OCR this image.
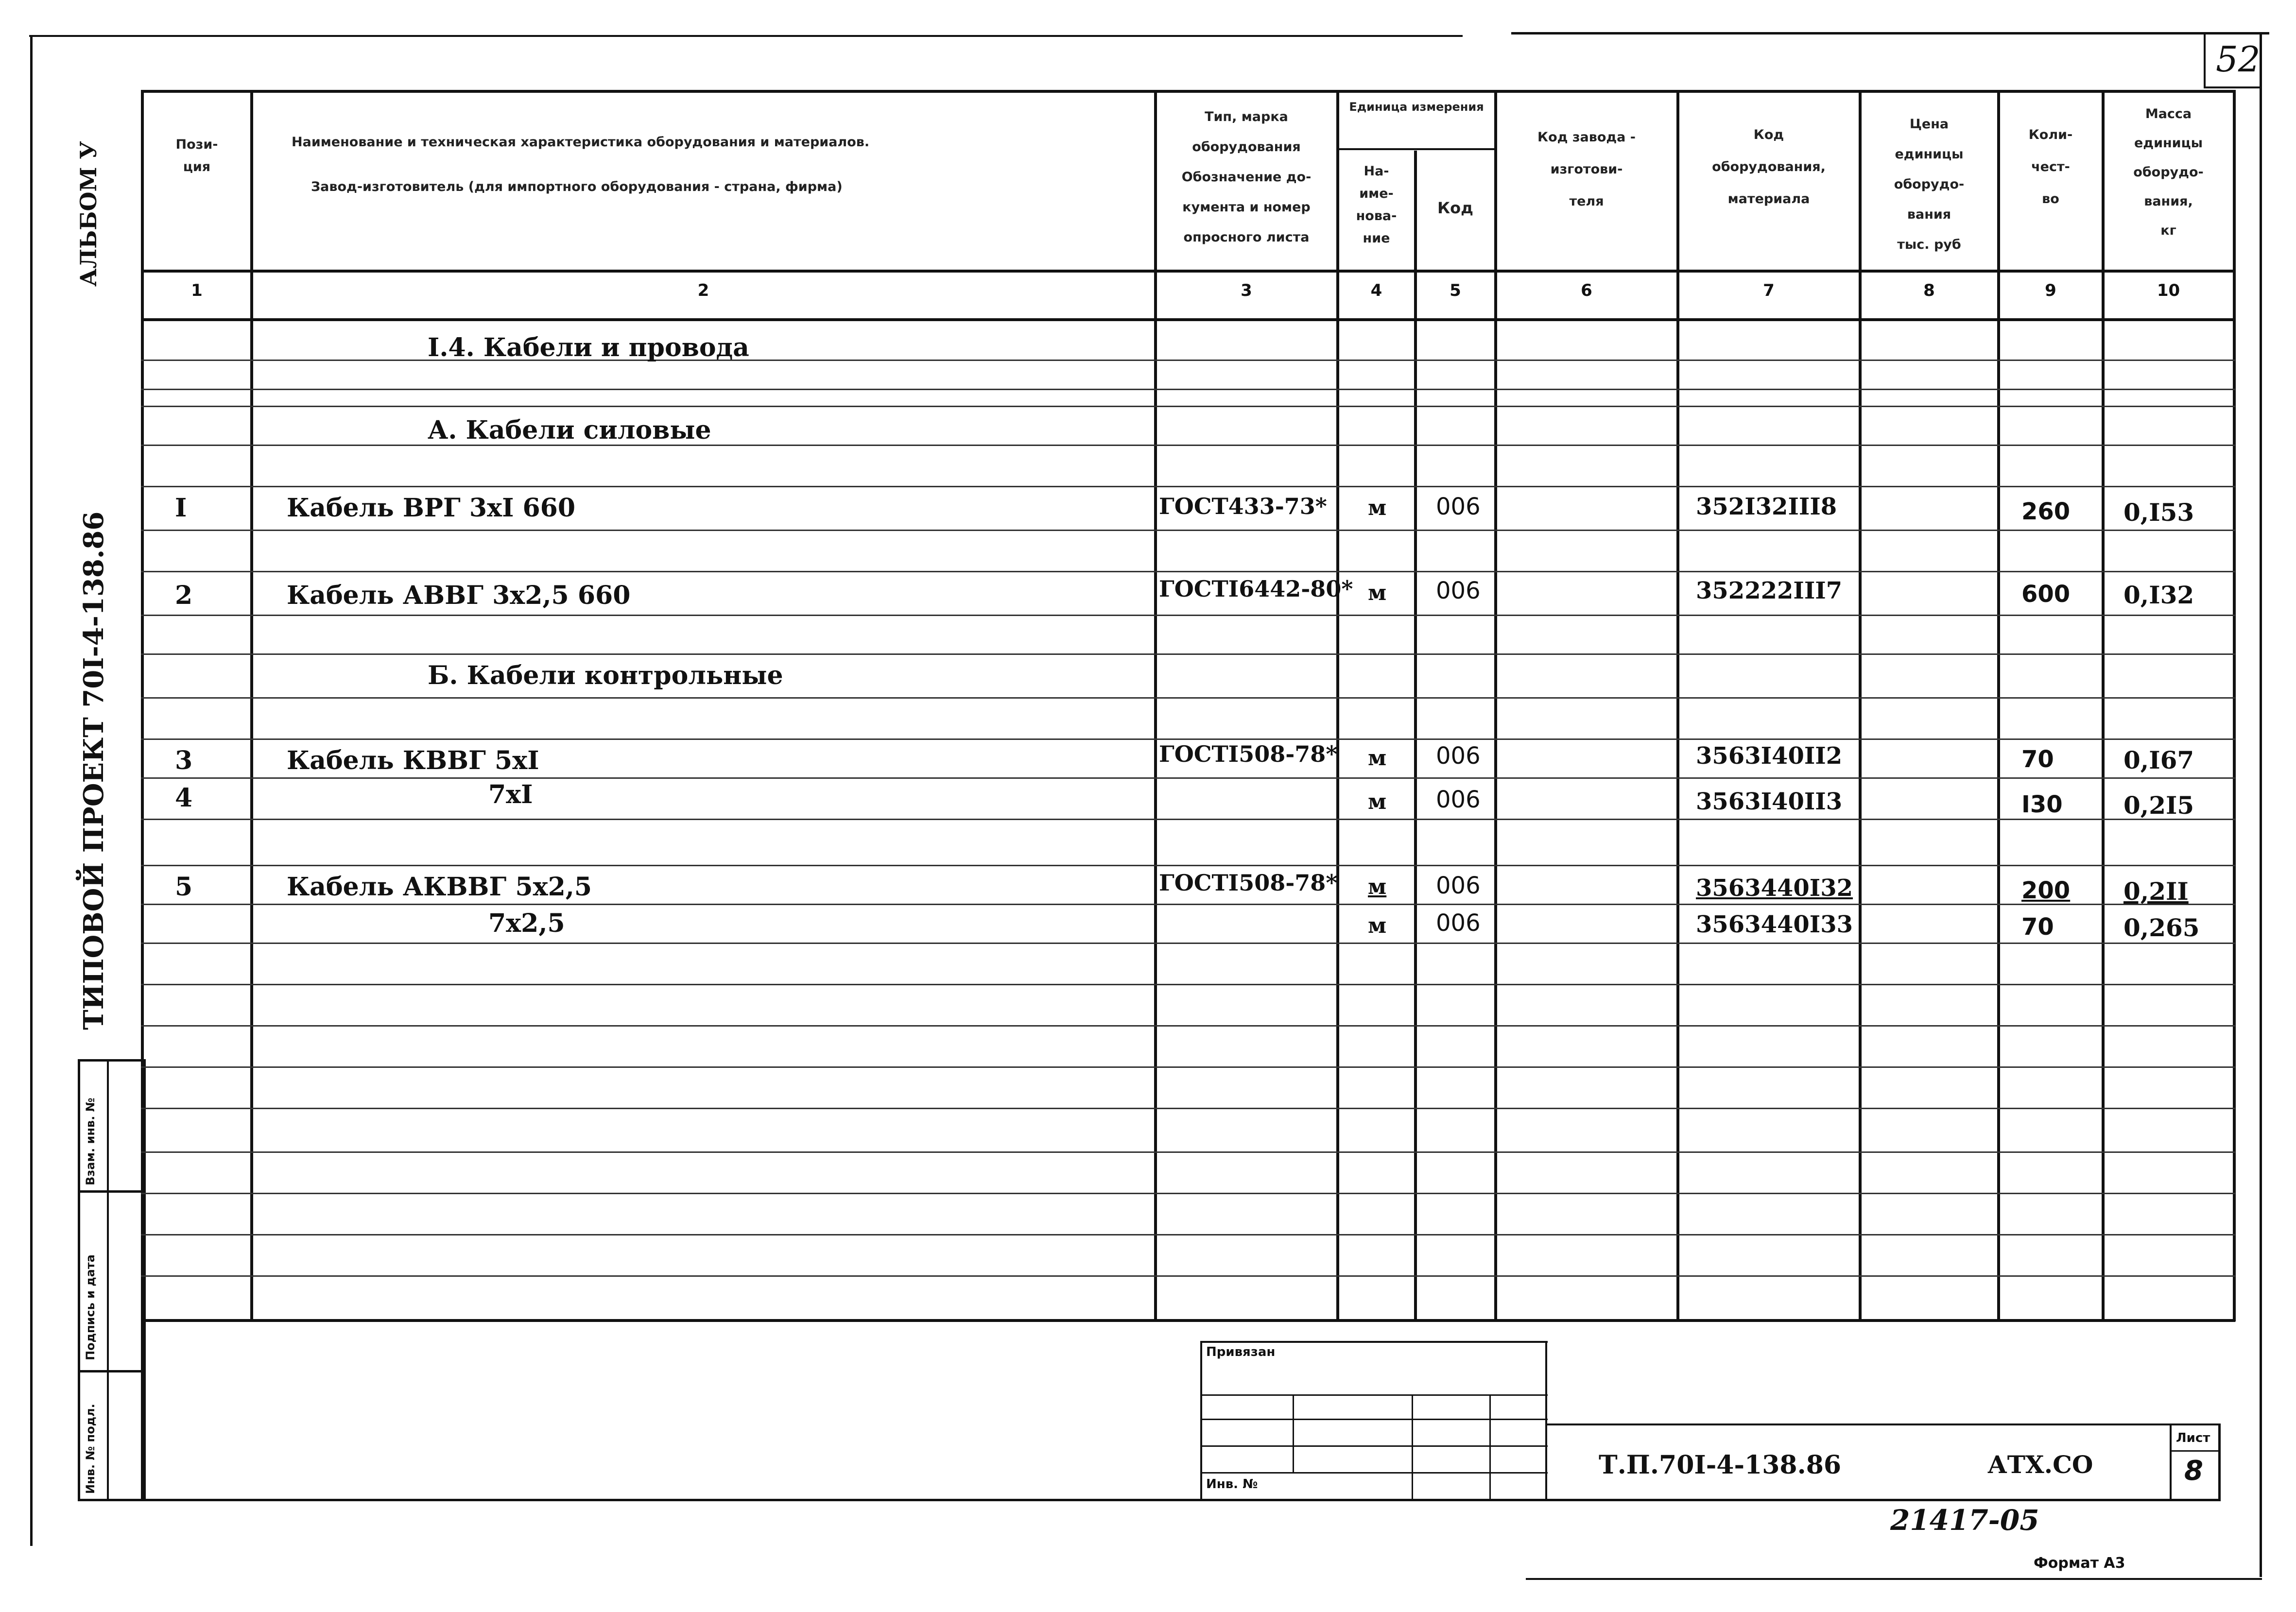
52
АЛЬБОМ У
ТИПОВОЙ ПРОЕКТ 70I-4-138.86
Инв. № подл.
Подпись и дата
Взам. инв. №
Пози-
ция
Наименование и техническая характеристика оборудования и материалов.
Завод-изготовитель (для импортного оборудования - страна, фирма)
Тип, марка
оборудования
Обозначение до-
кумента и номер
опросного листа
Единица измерения
На-
име-
нова-
ние
Код
Код завода -
изготови-
теля
Код
оборудования,
материала
Цена
единицы
оборудо-
вания
тыс. руб
Коли-
чест-
во
Масса
единицы
оборудо-
вания,
кг
1	2	3	4	5	6	7	8	9	10
I.4. Кабели и провода
А. Кабели силовые
I	Кабель ВРГ 3хI 660	ГОСТ433-73* м 006	352I32III8	260 0,I53
2	Кабель АВВГ 3х2,5 660	ГОСТI6442-80* м 006	352222III7	600 0,I32
Б. Кабели контрольные
3	Кабель КВВГ 5хI	ГОСТI508-78* м 006	3563I40II2	70	0,I67
4	7хI	м 006	3563I40II3	I30	0,2I5
5	Кабель АКВВГ 5х2,5	ГОСТI508-78* м 006	3563440I32	200 0,2II
7х2,5	м 006	3563440I33	70	0,265
Привязан
Инв. №
Т.П.70I-4-138.86	АТХ.СО
Лист
8
21417-05
Формат А3
